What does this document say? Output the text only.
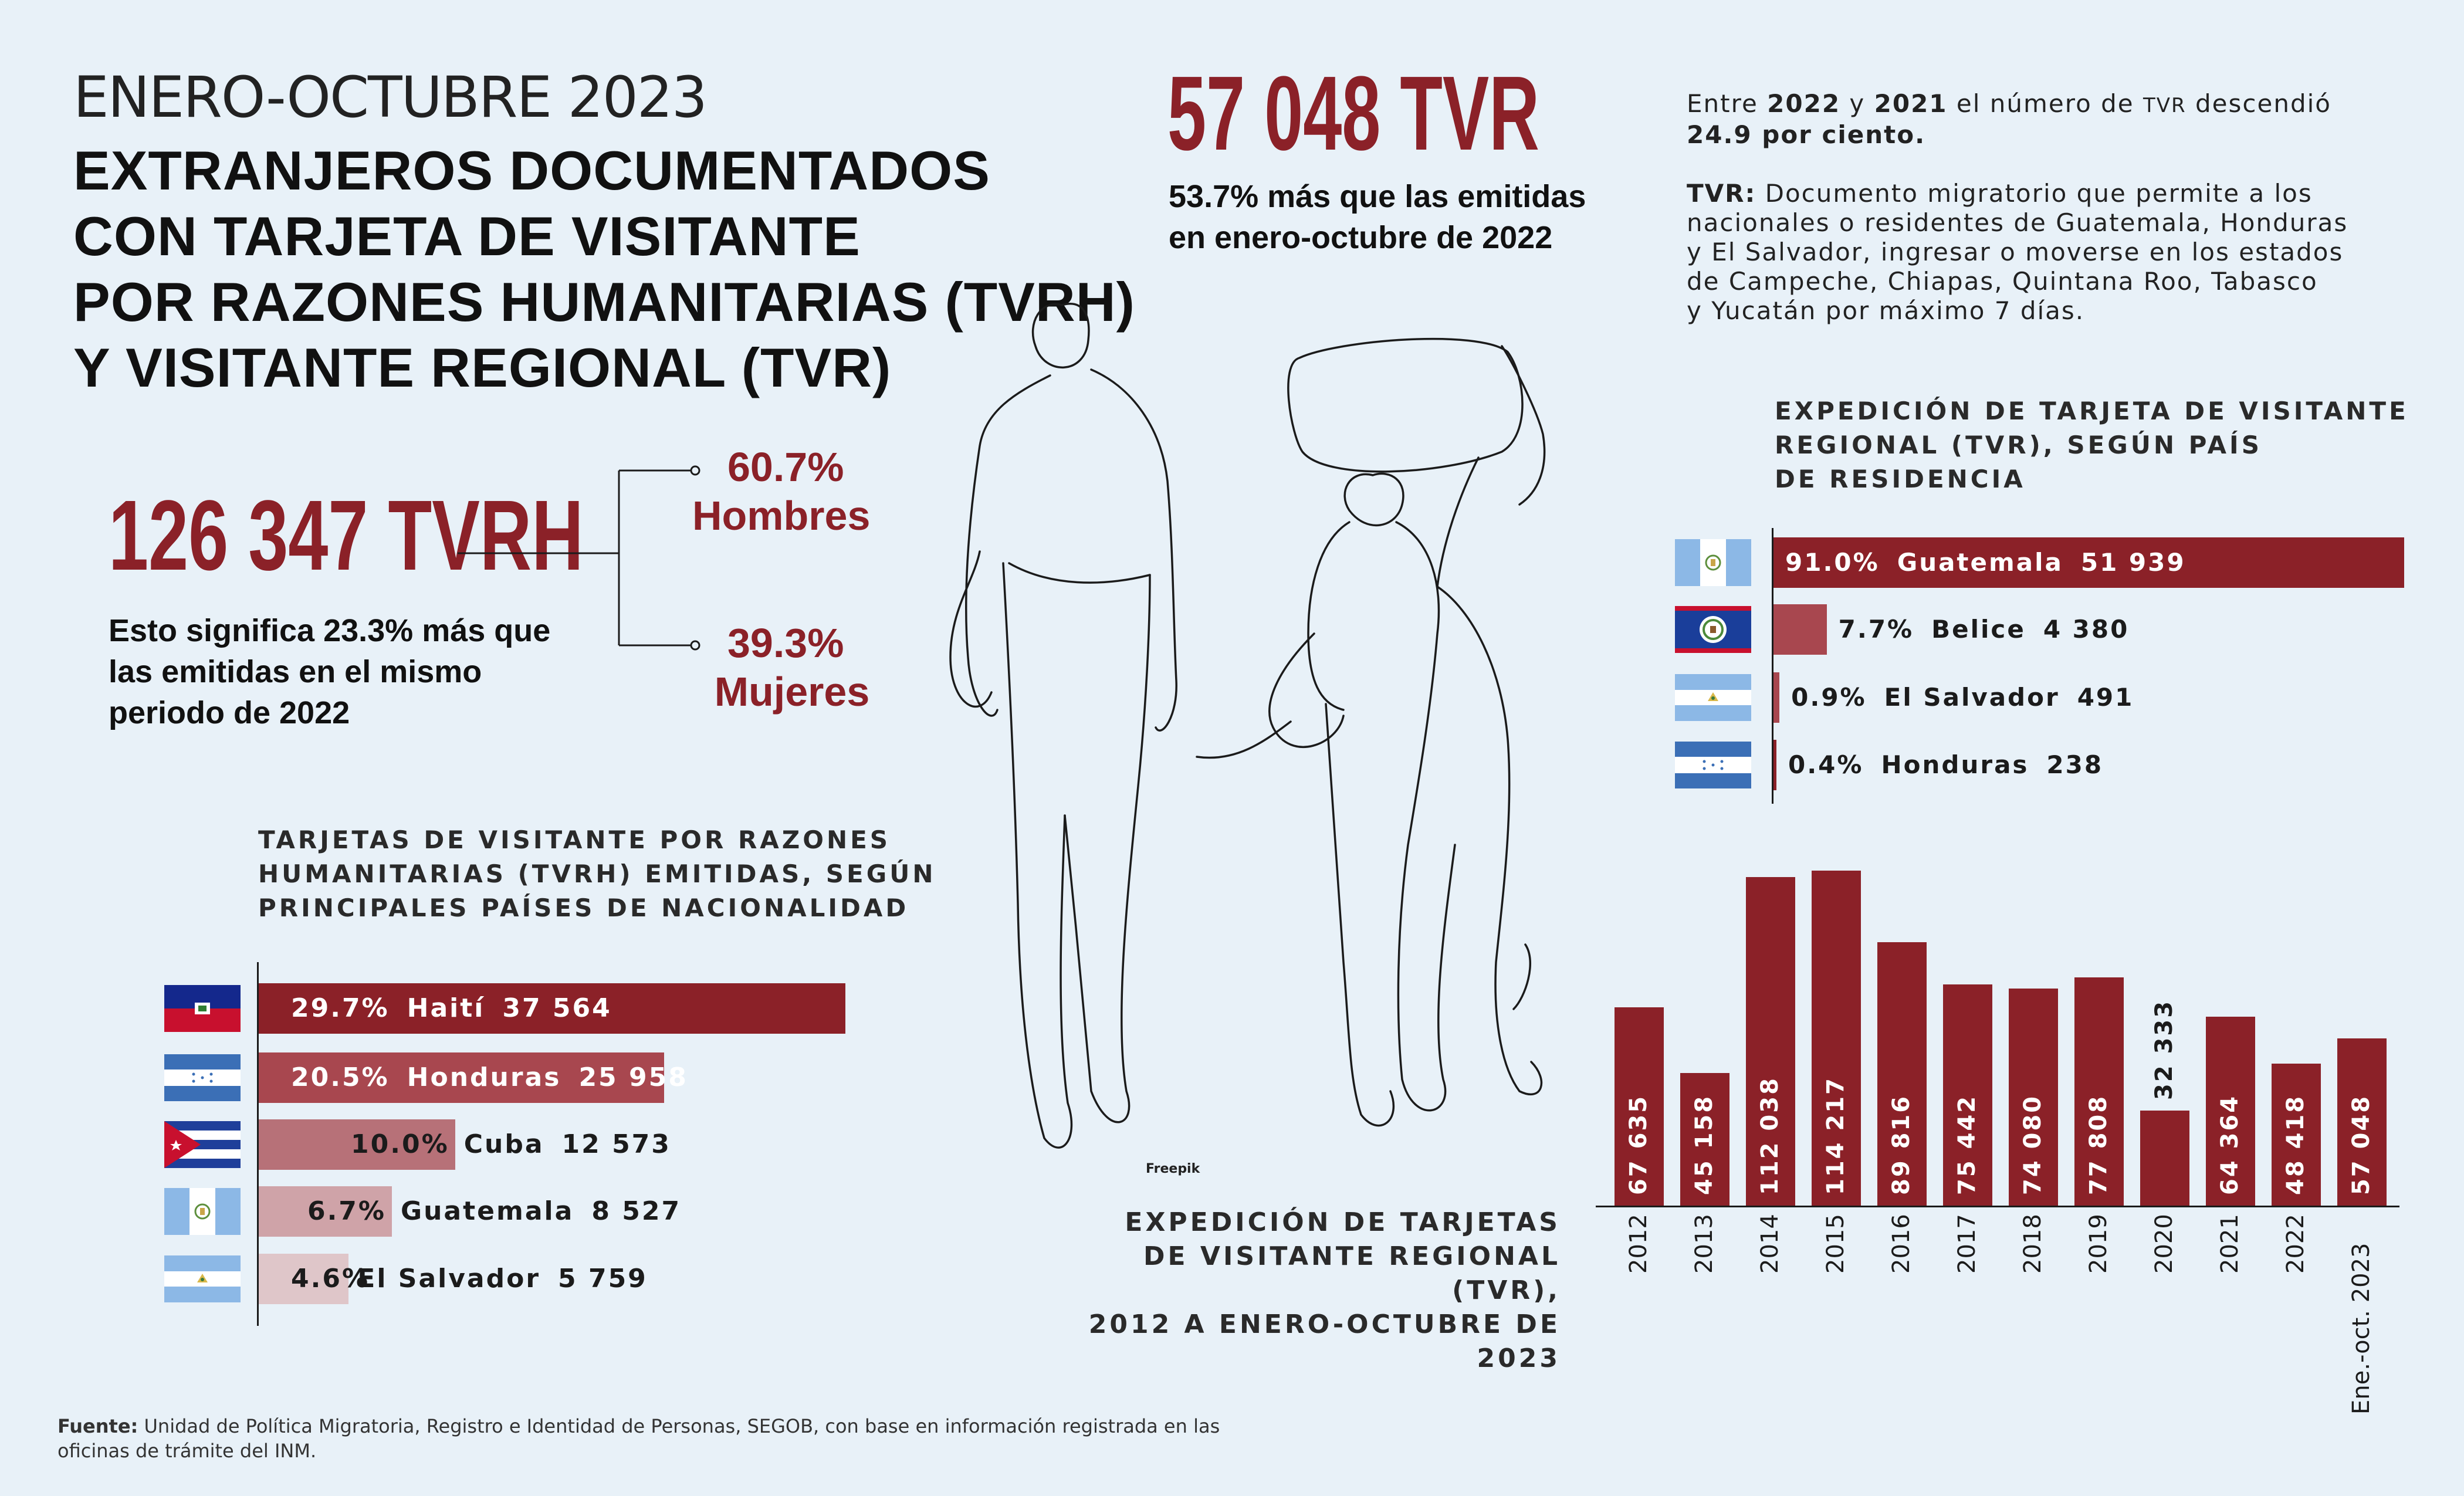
ENERO-OCTUBRE 2023
EXTRANJEROS DOCUMENTADOS
CON TARJETA DE VISITANTE
POR RAZONES HUMANITARIAS (TVRH)
Y VISITANTE REGIONAL (TVR)
126 347 TVRH
60.7%
Hombres
39.3%
Mujeres
Esto significa 23.3% más que
las emitidas en el mismo
periodo de 2022
57 048 TVR
53.7% más que las emitidas
en enero-octubre de 2022
Entre 2022 y 2021 el número de TVR descendió
24.9 por ciento.
TVR: Documento migratorio que permite a los
nacionales o residentes de Guatemala, Honduras
y El Salvador, ingresar o moverse en los estados
de Campeche, Chiapas, Quintana Roo, Tabasco
y Yucatán por máximo 7 días.
Freepik
TARJETAS DE VISITANTE POR RAZONES
HUMANITARIAS (TVRH) EMITIDAS, SEGÚN
PRINCIPALES PAÍSES DE NACIONALIDAD
29.7% Haití 37 564
20.5% Honduras 25 958
10.0% Cuba 12 573
6.7% Guatemala 8 527
4.6%El Salvador 5 759
EXPEDICIÓN DE TARJETA DE VISITANTE
REGIONAL (TVR), SEGÚN PAÍS
DE RESIDENCIA
91.0% Guatemala 51 939
7.7% Belice 4 380
0.9% El Salvador 491
0.4% Honduras 238
EXPEDICIÓN DE TARJETAS
DE VISITANTE REGIONAL (TVR),
2012 A ENERO-OCTUBRE DE 2023
67 635
2012
45 158
2013
112 038
2014
114 217
2015
89 816
2016
75 442
2017
74 080
2018
77 808
2019
32 333
2020
64 364
2021
48 418
2022
57 048
Ene.-oct. 2023
Fuente: Unidad de Política Migratoria, Registro e Identidad de Personas, SEGOB, con base en información registrada en las
oficinas de trámite del INM.
